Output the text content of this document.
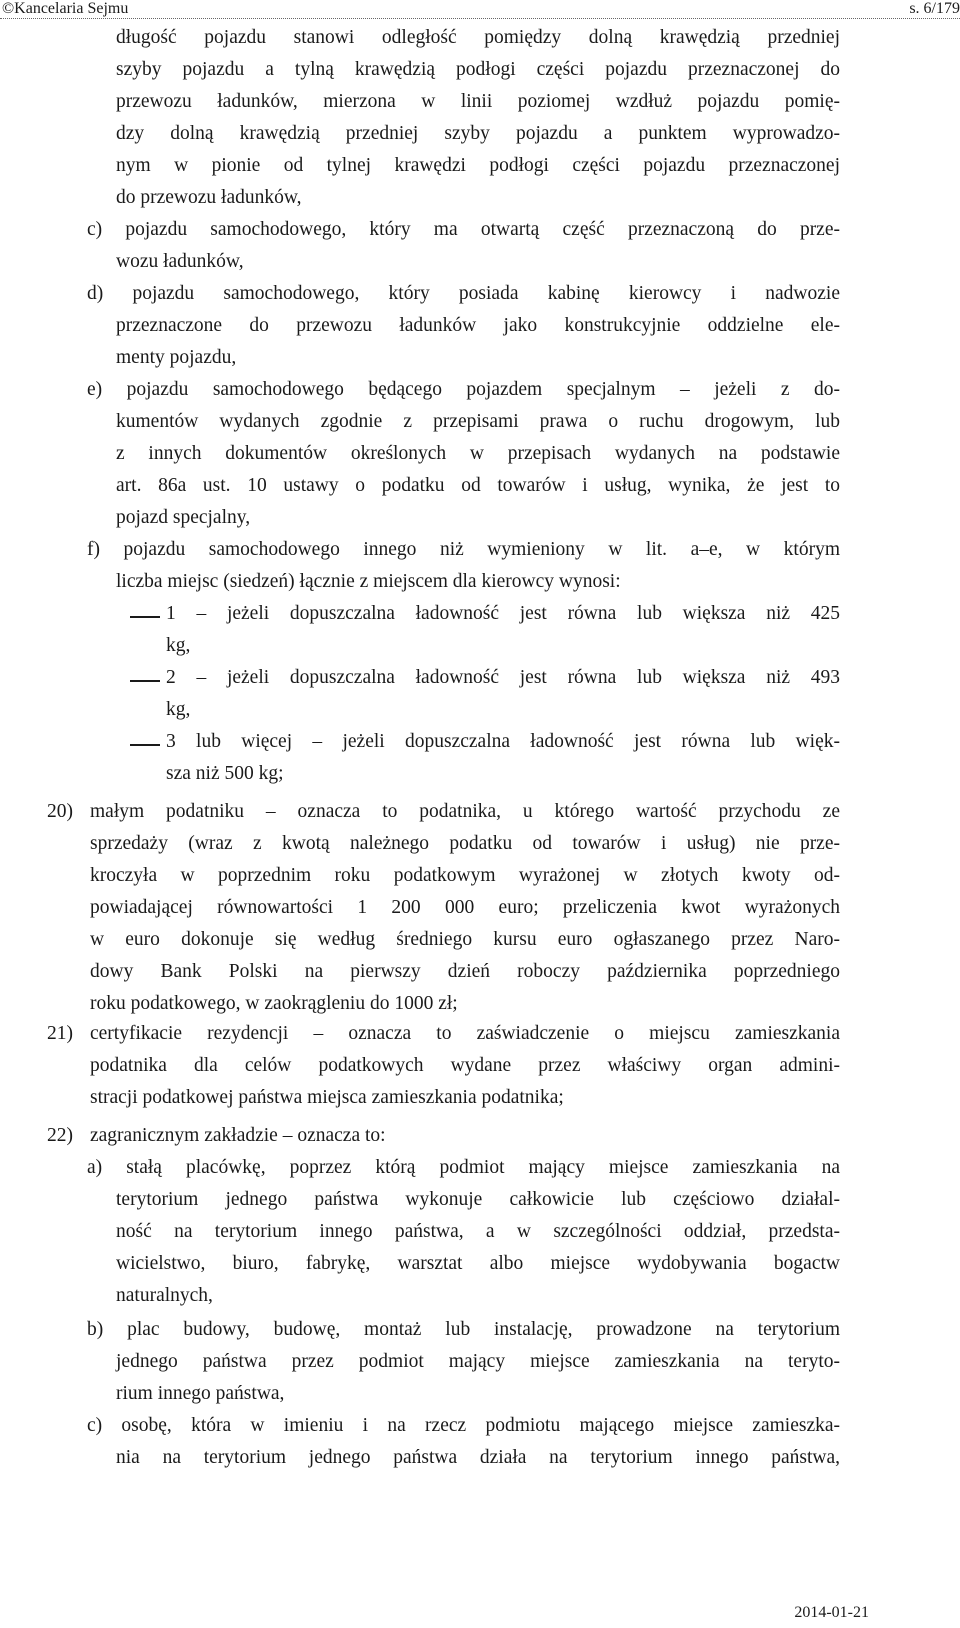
©Kancelaria Sejmu	s. 6/179
długość pojazdu stanowi odległość pomiędzy dolną krawędzią przedniej
szyby pojazdu a tylną krawędzią podłogi części pojazdu przeznaczonej do
przewozu ładunków, mierzona w linii poziomej wzdłuż pojazdu pomię-
dzy dolną krawędzią przedniej szyby pojazdu a punktem wyprowadzo-
nym w pionie od tylnej krawędzi podłogi części pojazdu przeznaczonej
do przewozu ładunków,
c) pojazdu samochodowego, który ma otwartą część przeznaczoną do prze-
wozu ładunków,
d) pojazdu samochodowego, który posiada kabinę kierowcy i nadwozie
przeznaczone do przewozu ładunków jako konstrukcyjnie oddzielne ele-
menty pojazdu,
e) pojazdu samochodowego będącego pojazdem specjalnym – jeżeli z do-
kumentów wydanych zgodnie z przepisami prawa o ruchu drogowym, lub
z innych dokumentów określonych w przepisach wydanych na podstawie
art. 86a ust. 10 ustawy o podatku od towarów i usług, wynika, że jest to
pojazd specjalny,
f) pojazdu samochodowego innego niż wymieniony w lit. a–e, w którym
liczba miejsc (siedzeń) łącznie z miejscem dla kierowcy wynosi:
1 – jeżeli dopuszczalna ładowność jest równa lub większa niż 425
kg,
2 – jeżeli dopuszczalna ładowność jest równa lub większa niż 493
kg,
3 lub więcej – jeżeli dopuszczalna ładowność jest równa lub więk-
sza niż 500 kg;
małym podatniku – oznacza to podatnika, u którego wartość przychodu ze
sprzedaży (wraz z kwotą należnego podatku od towarów i usług) nie prze-
kroczyła w poprzednim roku podatkowym wyrażonej w złotych kwoty od-
powiadającej równowartości 1 200 000 euro; przeliczenia kwot wyrażonych
w euro dokonuje się według średniego kursu euro ogłaszanego przez Naro-
dowy Bank Polski na pierwszy dzień roboczy października poprzedniego
roku podatkowego, w zaokrągleniu do 1000 zł;
certyfikacie rezydencji – oznacza to zaświadczenie o miejscu zamieszkania
podatnika dla celów podatkowych wydane przez właściwy organ admini-
stracji podatkowej państwa miejsca zamieszkania podatnika;
zagranicznym zakładzie – oznacza to:
a) stałą placówkę, poprzez którą podmiot mający miejsce zamieszkania na
terytorium jednego państwa wykonuje całkowicie lub częściowo działal-
ność na terytorium innego państwa, a w szczególności oddział, przedsta-
wicielstwo, biuro, fabrykę, warsztat albo miejsce wydobywania bogactw
naturalnych,
b) plac budowy, budowę, montaż lub instalację, prowadzone na terytorium
jednego państwa przez podmiot mający miejsce zamieszkania na teryto-
rium innego państwa,
c) osobę, która w imieniu i na rzecz podmiotu mającego miejsce zamieszka-
nia na terytorium jednego państwa działa na terytorium innego państwa,
20)
21)
22)
2014-01-21
